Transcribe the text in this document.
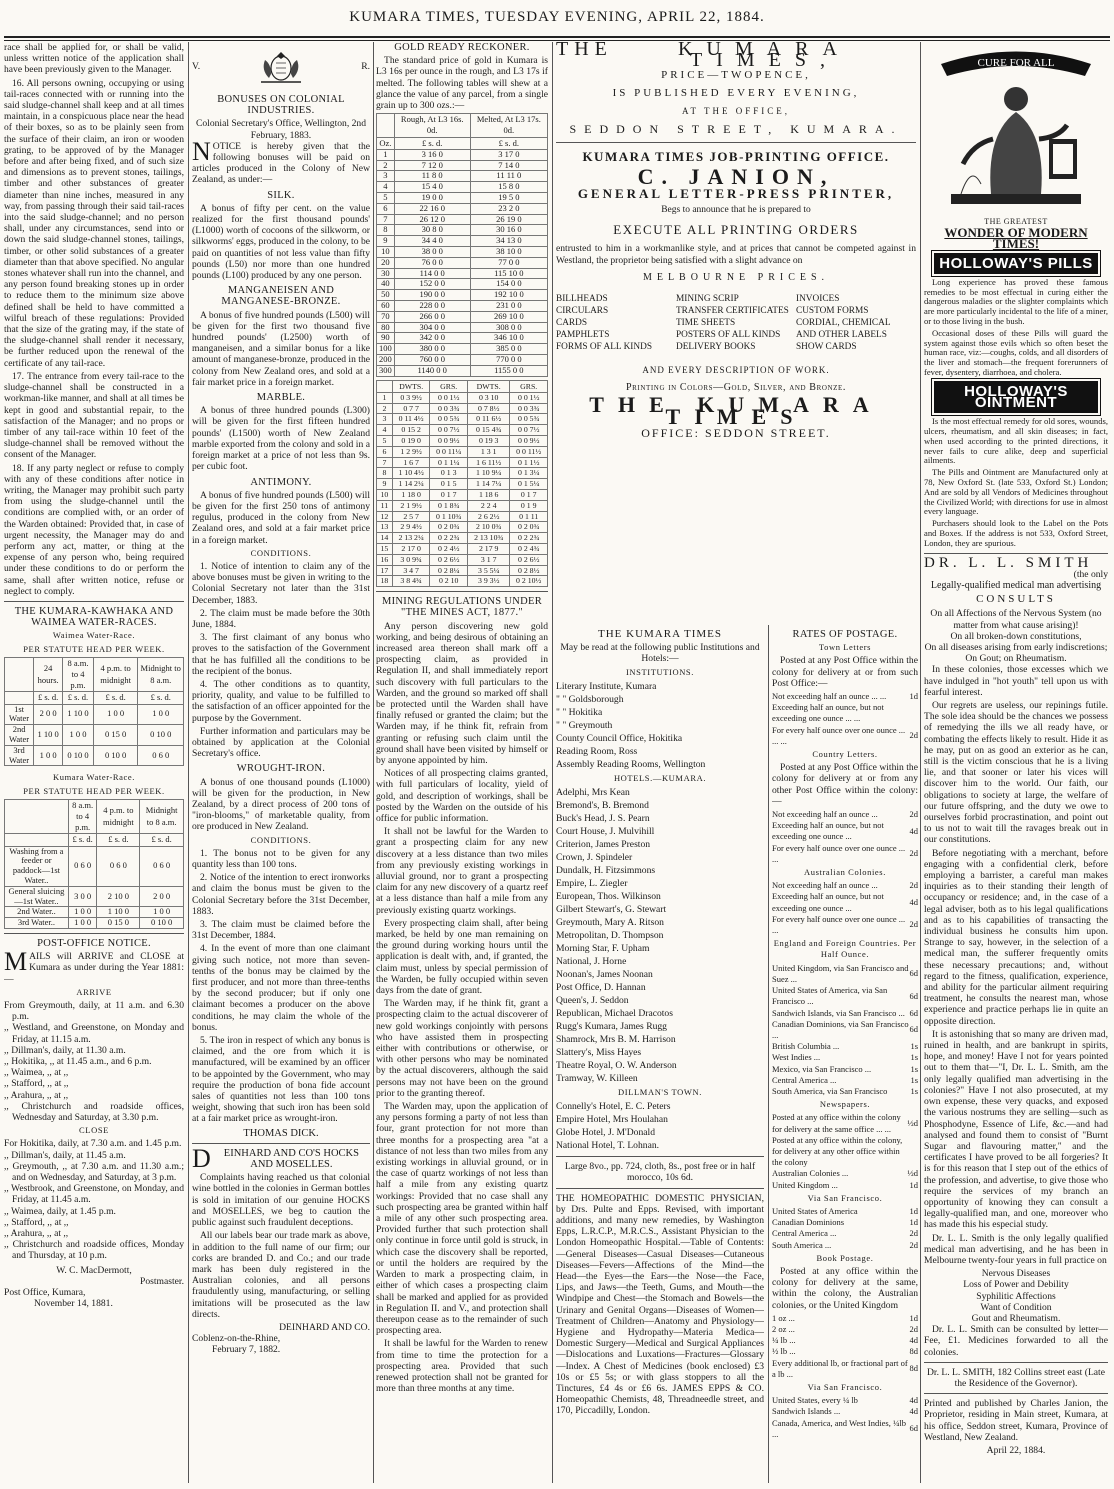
KUMARA TIMES, TUESDAY EVENING, APRIL 22, 1884.

race shall be applied for, or shall be valid, unless written notice of the application shall have been previously given to the Manager.

16. All persons owning, occupying or using tail-races connected with or running into the said sludge-channel shall keep and at all times maintain, in a conspicuous place near the head of their boxes, so as to be plainly seen from the surface of their claim, an iron or wooden grating, to be approved of by the Manager before and after being fixed, and of such size and dimensions as to prevent stones, tailings, timber and other substances of greater diameter than nine inches, measured in any way, from passing through their said tail-races into the said sludge-channel; and no person shall, under any circumstances, send into or down the said sludge-channel stones, tailings, timber, or other solid substances of a greater diameter than that above specified. No angular stones whatever shall run into the channel, and any person found breaking stones up in order to reduce them to the minimum size above defined shall be held to have committed a wilful breach of these regulations: Provided that the size of the grating may, if the state of the sludge-channel shall render it necessary, be further reduced upon the renewal of the certificate of any tail-race.

17. The entrance from every tail-race to the sludge-channel shall be constructed in a workman-like manner, and shall at all times be kept in good and substantial repair, to the satisfaction of the Manager; and no props or timber of any tail-race within 10 feet of the sludge-channel shall be removed without the consent of the Manager.

18. If any party neglect or refuse to comply with any of these conditions after notice in writing, the Manager may prohibit such party from using the sludge-channel until the conditions are complied with, or an order of the Warden obtained: Provided that, in case of urgent necessity, the Manager may do and perform any act, matter, or thing at the expense of any person who, being required under these conditions to do or perform the same, shall after written notice, refuse or neglect to comply.

THE KUMARA-KAWHAKA AND WAIMEA WATER-RACES.
Waimea Water-Race.
PER STATUTE HEAD PER WEEK.
	24 hours.	8 a.m. to 4 p.m.	4 p.m. to midnight	Midnight to 8 a.m.
	£ s. d.	£ s. d.	£ s. d.	£ s. d.
1st Water	2 0 0	1 10 0	1 0 0	1 0 0
2nd Water	1 10 0	1 0 0	0 15 0	0 10 0
3rd Water	1 0 0	0 10 0	0 10 0	0 6 0
Kumara Water-Race.
PER STATUTE HEAD PER WEEK.
	8 a.m. to 4 p.m.	4 p.m. to midnight	Midnight to 8 a.m.
	£ s. d.	£ s. d.	£ s. d.
Washing from a feeder or paddock—1st Water..	0 6 0	0 6 0	0 6 0
General sluicing—1st Water..	3 0 0	2 10 0	2 0 0
2nd Water..	1 0 0	1 10 0	1 0 0
3rd Water..	1 0 0	0 15 0	0 10 0
POST-OFFICE NOTICE.

MAILS will ARRIVE and CLOSE at Kumara as under during the Year 1881:—

ARRIVE
From Greymouth, daily, at 11 a.m. and 6.30 p.m.
,, Westland, and Greenstone, on Monday and Friday, at 11.15 a.m.
,, Dillman's, daily, at 11.30 a.m.
,, Hokitika, ,, at 11.45 a.m., and 6 p.m.
,, Waimea, ,, at ,,
,, Stafford, ,, at ,,
,, Arahura, ,, at ,,
,, Christchurch and roadside offices, Wednesday and Saturday, at 3.30 p.m.
CLOSE
For Hokitika, daily, at 7.30 a.m. and 1.45 p.m.
,, Dillman's, daily, at 11.45 a.m.
,, Greymouth, ,, at 7.30 a.m. and 11.30 a.m.; and on Wednesday, and Saturday, at 3 p.m.
,, Westbrook, and Greenstone, on Monday, and Friday, at 11.45 a.m.
,, Waimea, daily, at 1.45 p.m.
,, Stafford, ,, at ,,
,, Arahura, ,, at ,,
,, Christchurch and roadside offices, Monday and Thursday, at 10 p.m.
W. C. MacDermott,
Postmaster.
Post Office, Kumara,
November 14, 1881.
V.	R.
BONUSES ON COLONIAL INDUSTRIES.
Colonial Secretary's Office, Wellington, 2nd February, 1883.

NOTICE is hereby given that the following bonuses will be paid on articles produced in the Colony of New Zealand, as under:—

SILK.

A bonus of fifty per cent. on the value realized for the first thousand pounds' (L1000) worth of cocoons of the silkworm, or silkworms' eggs, produced in the colony, to be paid on quantities of not less value than fifty pounds (L50) nor more than one hundred pounds (L100) produced by any one person.

MANGANEISEN AND MANGANESE-BRONZE.

A bonus of five hundred pounds (L500) will be given for the first two thousand five hundred pounds' (L2500) worth of manganeisen, and a similar bonus for a like amount of manganese-bronze, produced in the colony from New Zealand ores, and sold at a fair market price in a foreign market.

MARBLE.

A bonus of three hundred pounds (L300) will be given for the first fifteen hundred pounds' (L1500) worth of New Zealand marble exported from the colony and sold in a foreign market at a price of not less than 9s. per cubic foot.

ANTIMONY.

A bonus of five hundred pounds (L500) will be given for the first 250 tons of antimony regulus, produced in the colony from New Zealand ores, and sold at a fair market price in a foreign market.

CONDITIONS.

1. Notice of intention to claim any of the above bonuses must be given in writing to the Colonial Secretary not later than the 31st December, 1883.

2. The claim must be made before the 30th June, 1884.

3. The first claimant of any bonus who proves to the satisfaction of the Government that he has fulfilled all the conditions to be the recipient of the bonus.

4. The other conditions as to quantity, priority, quality, and value to be fulfilled to the satisfaction of an officer appointed for the purpose by the Government.

Further information and particulars may be obtained by application at the Colonial Secretary's office.

WROUGHT-IRON.

A bonus of one thousand pounds (L1000) will be given for the production, in New Zealand, by a direct process of 200 tons of "iron-blooms," of marketable quality, from ore produced in New Zealand.

CONDITIONS.

1. The bonus not to be given for any quantity less than 100 tons.

2. Notice of the intention to erect ironworks and claim the bonus must be given to the Colonial Secretary before the 31st December, 1883.

3. The claim must be claimed before the 31st December, 1884.

4. In the event of more than one claimant giving such notice, not more than seven-tenths of the bonus may be claimed by the first producer, and not more than three-tenths by the second producer; but if only one claimant becomes a producer on the above conditions, he may claim the whole of the bonus.

5. The iron in respect of which any bonus is claimed, and the ore from which it is manufactured, will be examined by an officer to be appointed by the Government, who may require the production of bona fide account sales of quantities not less than 100 tons weight, showing that such iron has been sold at a fair market price as wrought-iron.

THOMAS DICK.

D EINHARD AND CO'S HOCKS AND MOSELLES.

Complaints having reached us that colonial wine bottled in the colonies in German bottles is sold in imitation of our genuine HOCKS and MOSELLES, we beg to caution the public against such fraudulent deceptions.

All our labels bear our trade mark as above, in addition to the full name of our firm; our corks are branded D. and Co.; and our trade mark has been duly registered in the Australian colonies, and all persons fraudulently using, manufacturing, or selling imitations will be prosecuted as the law directs.

DEINHARD AND CO.
Coblenz-on-the-Rhine,
February 7, 1882.
GOLD READY RECKONER.

The standard price of gold in Kumara is L3 16s per ounce in the rough, and L3 17s if melted. The following tables will shew at a glance the value of any parcel, from a single grain up to 300 ozs.:—

	Rough, At L3 16s. 0d.	Melted, At L3 17s. 0d.
Oz.	£ s. d.	£ s. d.
1	3 16 0	3 17 0
2	7 12 0	7 14 0
3	11 8 0	11 11 0
4	15 4 0	15 8 0
5	19 0 0	19 5 0
6	22 16 0	23 2 0
7	26 12 0	26 19 0
8	30 8 0	30 16 0
9	34 4 0	34 13 0
10	38 0 0	38 10 0
20	76 0 0	77 0 0
30	114 0 0	115 10 0
40	152 0 0	154 0 0
50	190 0 0	192 10 0
60	228 0 0	231 0 0
70	266 0 0	269 10 0
80	304 0 0	308 0 0
90	342 0 0	346 10 0
100	380 0 0	385 0 0
200	760 0 0	770 0 0
300	1140 0 0	1155 0 0
	DWTS.	GRS.	DWTS.	GRS.
1	0 3 9½	0 0 1½	0 3 10	0 0 1½
2	0 7 7	0 0 3¾	0 7 8½	0 0 3¾
3	0 11 4½	0 0 5¾	0 11 6½	0 0 5¾
4	0 15 2	0 0 7½	0 15 4¾	0 0 7½
5	0 19 0	0 0 9½	0 19 3	0 0 9½
6	1 2 9½	0 0 11¼	1 3 1	0 0 11½
7	1 6 7	0 1 1¼	1 6 11½	0 1 1½
8	1 10 4½	0 1 3	1 10 9¼	0 1 3¼
9	1 14 2¼	0 1 5	1 14 7¼	0 1 5¼
10	1 18 0	0 1 7	1 18 6	0 1 7
11	2 1 9½	0 1 8¾	2 2 4	0 1 9
12	2 5 7	0 1 10¾	2 6 2½	0 1 11
13	2 9 4½	0 2 0¾	2 10 0¾	0 2 0¾
14	2 13 2¼	0 2 2¾	2 13 10¾	0 2 2¾
15	2 17 0	0 2 4½	2 17 9	0 2 4¾
16	3 0 9¾	0 2 6½	3 1 7	0 2 6½
17	3 4 7	0 2 8¼	3 5 5¼	0 2 8½
18	3 8 4¾	0 2 10	3 9 3½	0 2 10½
MINING REGULATIONS UNDER "THE MINES ACT, 1877."

Any person discovering new gold working, and being desirous of obtaining an increased area thereon shall mark off a prospecting claim, as provided in Regulation II, and shall immediately report such discovery with full particulars to the Warden, and the ground so marked off shall be protected until the Warden shall have finally refused or granted the claim; but the Warden may, if he think fit, refrain from granting or refusing such claim until the ground shall have been visited by himself or by anyone appointed by him.

Notices of all prospecting claims granted, with full particulars of locality, yield of gold, and description of workings, shall be posted by the Warden on the outside of his office for public information.

It shall not be lawful for the Warden to grant a prospecting claim for any new discovery at a less distance than two miles from any previously existing workings in alluvial ground, nor to grant a prospecting claim for any new discovery of a quartz reef at a less distance than half a mile from any previously existing quartz workings.

Every prospecting claim shall, after being marked, be held by one man remaining on the ground during working hours until the application is dealt with, and, if granted, the claim must, unless by special permission of the Warden, be fully occupied within seven days from the date of grant.

The Warden may, if he think fit, grant a prospecting claim to the actual discoverer of new gold workings conjointly with persons who have assisted them in prospecting either with contributions or otherwise, or with other persons who may be nominated by the actual discoverers, although the said persons may not have been on the ground prior to the granting thereof.

The Warden may, upon the application of any persons forming a party of not less than four, grant protection for not more than three months for a prospecting area "at a distance of not less than two miles from any existing workings in alluvial ground, or in the case of quartz workings of not less than half a mile from any existing quartz workings: Provided that no case shall any such prospecting area be granted within half a mile of any other such prospecting area. Provided further that such protection shall only continue in force until gold is struck, in which case the discovery shall be reported, or until the holders are required by the Warden to mark a prospecting claim, in either of which cases a prospecting claim shall be marked and applied for as provided in Regulation II. and V., and protection shall thereupon cease as to the remainder of such prospecting area.

It shall be lawful for the Warden to renew from time to time the protection for a prospecting area. Provided that such renewed protection shall not be granted for more than three months at any time.

THE	KUMARA TIMES,
PRICE—TWOPENCE,
IS PUBLISHED EVERY EVENING,
AT THE OFFICE,
SEDDON STREET, KUMARA.
KUMARA TIMES JOB-PRINTING OFFICE.
C. JANION,
GENERAL LETTER-PRESS PRINTER,
Begs to announce that he is prepared to
EXECUTE ALL PRINTING ORDERS
entrusted to him in a workmanlike style, and at prices that cannot be competed against in Westland, the proprietor being satisfied with a slight advance on
MELBOURNE PRICES.
BILLHEADS	MINING SCRIP	INVOICES
CIRCULARS	TRANSFER CERTIFICATES CUSTOM FORMS
CARDS	TIME SHEETS	CORDIAL, CHEMICAL
PAMPHLETS	POSTERS OF ALL KINDS	AND OTHER LABELS
FORMS OF ALL KINDS	DELIVERY BOOKS	SHOW CARDS
AND EVERY DESCRIPTION OF WORK.
Printing in Colors—Gold, Silver, and Bronze.
THE KUMARA TIMES
OFFICE: SEDDON STREET.
THE KUMARA TIMES
May be read at the following public Institutions and Hotels:—
INSTITUTIONS.
Literary Institute, Kumara
" " Goldsborough
" " Hokitika
" " Greymouth
County Council Office, Hokitika
Reading Room, Ross
Assembly Reading Rooms, Wellington
HOTELS.—KUMARA.
Adelphi, Mrs Kean
Bremond's, B. Bremond
Buck's Head, J. S. Pearn
Court House, J. Mulvihill
Criterion, James Preston
Crown, J. Spindeler
Dundalk, H. Fitzsimmons
Empire, L. Ziegler
European, Thos. Wilkinson
Gilbert Stewart's, G. Stewart
Greymouth, Mary A. Ritson
Metropolitan, D. Thompson
Morning Star, F. Upham
National, J. Horne
Noonan's, James Noonan
Post Office, D. Hannan
Queen's, J. Seddon
Republican, Michael Dracotos
Rugg's Kumara, James Rugg
Shamrock, Mrs B. M. Harrison
Slattery's, Miss Hayes
Theatre Royal, O. W. Anderson
Tramway, W. Killeen
DILLMAN'S TOWN.
Connelly's Hotel, E. C. Peters
Empire Hotel, Mrs Houlahan
Globe Hotel, J. M'Donald
National Hotel, T. Lohnan.
Large 8vo., pp. 724, cloth, 8s., post free or in half morocco, 10s 6d.

THE HOMEOPATHIC DOMESTIC PHYSICIAN, by Drs. Pulte and Epps. Revised, with important additions, and many new remedies, by Washington Epps, L.R.C.P., M.R.C.S., Assistant Physician to the London Homeopathic Hospital.—Table of Contents:—General Diseases—Casual Diseases—Cutaneous Diseases—Fevers—Affections of the Mind—the Head—the Eyes—the Ears—the Nose—the Face, Lips, and Jaws—the Teeth, Gums, and Mouth—the Windpipe and Chest—the Stomach and Bowels—the Urinary and Genital Organs—Diseases of Women—Treatment of Children—Anatomy and Physiology—Hygiene and Hydropathy—Materia Medica—Domestic Surgery—Medical and Surgical Appliances—Dislocations and Luxations—Fractures—Glossary—Index. A Chest of Medicines (book enclosed) £3 10s or £5 5s; or with glass stoppers to all the Tinctures, £4 4s or £6 6s. JAMES EPPS & CO. Homeopathic Chemists, 48, Threadneedle street, and 170, Piccadilly, London.

RATES OF POSTAGE.
Town Letters

Posted at any Post Office within the colony for delivery at or from such Post Office:—

Not exceeding half an ounce ... ...	1d
Exceeding half an ounce, but not exceeding one ounce ... ...	
For every half ounce over one ounce ... ... ...	2d
Country Letters.

Posted at any Post Office within the colony for delivery at or from any other Post Office within the colony:—

Not exceeding half an ounce ...	2d
Exceeding half an ounce, but not exceeding one ounce ...	4d
For every half ounce over one ounce ... ...	2d
Australian Colonies.
Not exceeding half an ounce ...	2d
Exceeding half an ounce, but not exceeding one ounce ...	4d
For every half ounce over one ounce ... ...	2d
England and Foreign Countries. Per Half Ounce.
United Kingdom, via San Francisco and Suez ...	6d
United States of America, via San Francisco ...	6d
Sandwich Islands, via San Francisco ...	6d
Canadian Dominions, via San Francisco ...	6d
British Columbia ...	1s
West Indies ...	1s
Mexico, via San Francisco ...	1s
Central America ...	1s
South America, via San Francisco	1s
Newspapers.
Posted at any office within the colony for delivery at the same office ... ...	½d
Posted at any office within the colony, for delivery at any other office within the colony	
Australian Colonies ...	½d
United Kingdom ...	1d
Via San Francisco.
United States of America	1d
Canadian Dominions	1d
Central America ...	2d
South America ...	2d
Book Postage.

Posted at any office within the colony for delivery at the same, within the colony, the Australian colonies, or the United Kingdom

1 oz ...	1d
2 oz ...	2d
¼ lb ...	4d
½ lb ...	8d
Every additional lb, or fractional part of a lb ...	8d
Via San Francisco.
United States, every ¼ lb	4d
Sandwich Islands ...	4d
Canada, America, and West Indies, ¼lb ...	6d
CURE FOR ALL
THE GREATEST
WONDER OF MODERN TIMES!
HOLLOWAY'S PILLS

Long experience has proved these famous remedies to be most effectual in curing either the dangerous maladies or the slighter complaints which are more particularly incidental to the life of a miner, or to those living in the bush.

Occasional doses of these Pills will guard the system against those evils which so often beset the human race, viz:—coughs, colds, and all disorders of the liver and stomach—the frequent forerunners of fever, dysentery, diarrhoea, and cholera.

HOLLOWAY'S OINTMENT

Is the most effectual remedy for old sores, wounds, ulcers, rheumatism, and all skin diseases; in fact, when used according to the printed directions, it never fails to cure alike, deep and superficial ailments.

The Pills and Ointment are Manufactured only at 78, New Oxford St. (late 533, Oxford St.) London; And are sold by all Vendors of Medicines throughout the Civilized World; with directions for use in almost every language.

Purchasers should look to the Label on the Pots and Boxes. If the address is not 533, Oxford Street, London, they are spurious.

DR. L. L. SMITH
(the only
Legally-qualified medical man advertising
CONSULTS
On all Affections of the Nervous System (no matter from what cause arising)!
On all broken-down constitutions,
On all diseases arising from early indiscretions;
On Gout; on Rheumatism.

In these colonies, those excesses which we have indulged in "hot youth" tell upon us with fearful interest.

Our regrets are useless, our repinings futile. The sole idea should be the chances we possess of remedying the ills we all ready have, or combating the effects likely to result. Hide it as he may, put on as good an exterior as he can, still is the victim conscious that he is a living lie, and that sooner or later his vices will discover him to the world. Our faith, our obligations to society at large, the welfare of our future offspring, and the duty we owe to ourselves forbid procrastination, and point out to us not to wait till the ravages break out in our constitutions.

Before negotiating with a merchant, before engaging with a confidential clerk, before employing a barrister, a careful man makes inquiries as to their standing their length of occupancy or residence; and, in the case of a legal adviser, both as to his legal qualifications and as to his capabilities of transacting the individual business he consults him upon. Strange to say, however, in the selection of a medical man, the sufferer frequently omits these necessary precautions; and, without regard to the fitness, qualification, experience, and ability for the particular ailment requiring treatment, he consults the nearest man, whose experience and practice perhaps lie in quite an opposite direction.

It is astonishing that so many are driven mad, ruined in health, and are bankrupt in spirits, hope, and money! Have I not for years pointed out to them that—"I, Dr. L. L. Smith, am the only legally qualified man advertising in the colonies?" Have I not also prosecuted, at my own expense, these very quacks, and exposed the various nostrums they are selling—such as Phosphodyne, Essence of Life, &c.—and had analysed and found them to consist of "Burnt Sugar and flavouring matter," and the certificates I have proved to be all forgeries? It is for this reason that I step out of the ethics of the profession, and advertise, to give those who require the services of my branch an opportunity of knowing they can consult a legally-qualified man, and one, moreover who has made this his especial study.

Dr. L. L. Smith is the only legally qualified medical man advertising, and he has been in Melbourne twenty-four years in full practice on

Nervous Diseases
Loss of Power and Debility
Syphilitic Affections
Want of Condition
Gout and Rheumatism.

Dr. L. L. Smith can be consulted by letter—Fee, £1. Medicines forwarded to all the colonies.

Dr. L. L. SMITH, 182 Collins street east (Late the Residence of the Governor).

Printed and published by Charles Janion, the Proprietor, residing in Main street, Kumara, at his office, Seddon street, Kumara, Province of Westland, New Zealand.

April 22, 1884.
